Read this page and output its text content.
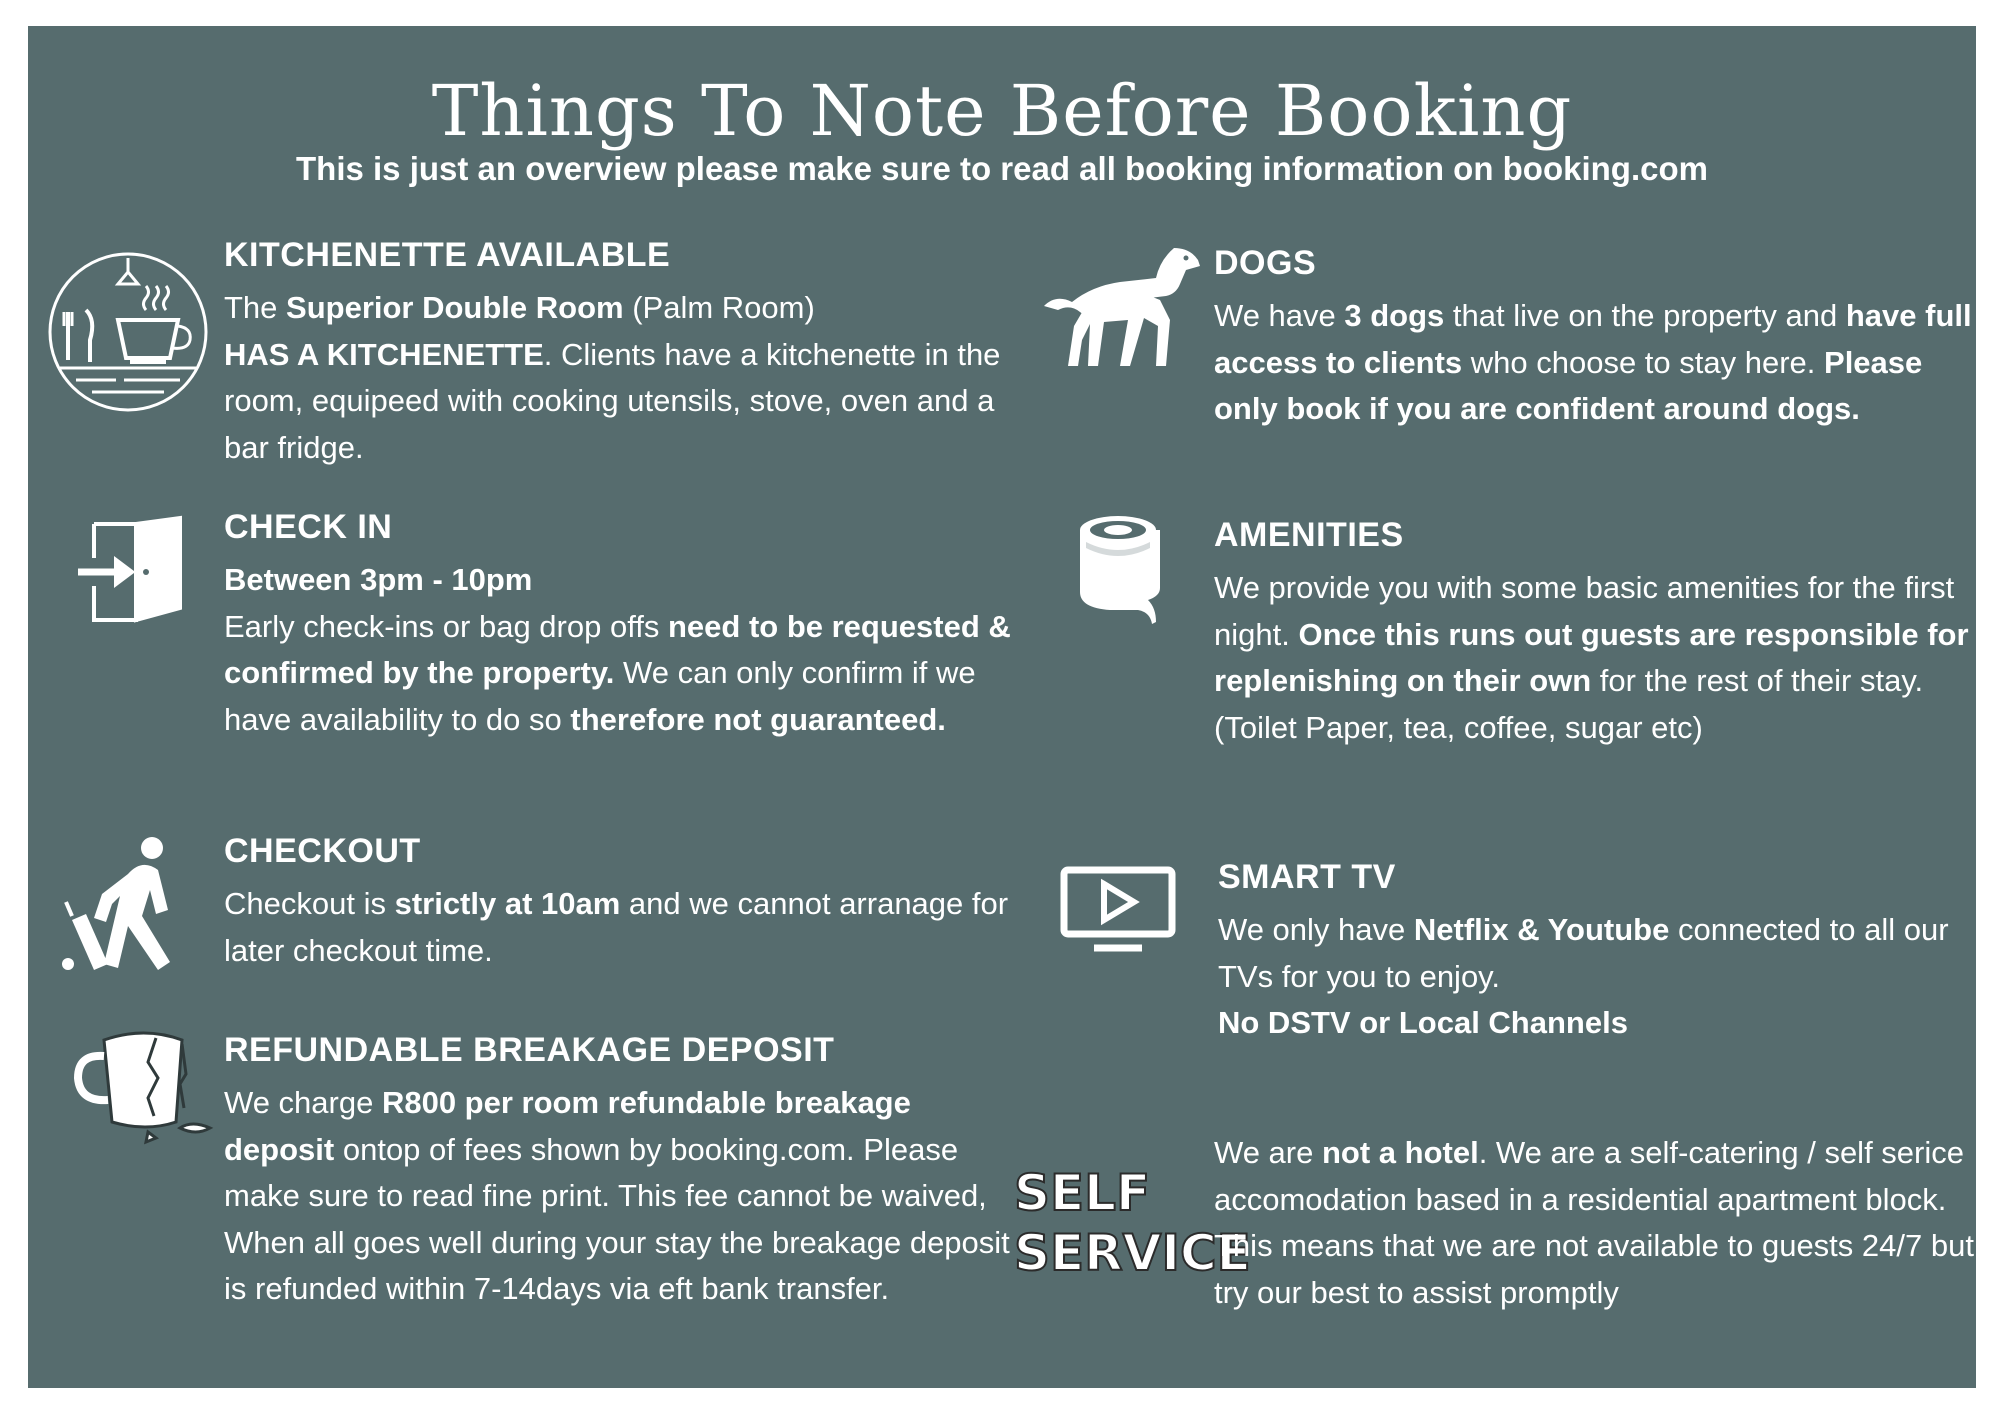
Things To Note Before Booking
This is just an overview please make sure to read all booking information on booking.com
KITCHENETTE AVAILABLE

The Superior Double Room (Palm Room)
HAS A KITCHENETTE. Clients have a kitchenette in the room, equipeed with cooking utensils, stove, oven and a bar fridge.

CHECK IN

Between 3pm - 10pm
Early check-ins or bag drop offs need to be requested & confirmed by the property. We can only confirm if we have availability to do so therefore not guaranteed.

CHECKOUT

Checkout is strictly at 10am and we cannot arranage for later checkout time.

REFUNDABLE BREAKAGE DEPOSIT

We charge R800 per room refundable breakage deposit ontop of fees shown by booking.com. Please make sure to read fine print. This fee cannot be waived, When all goes well during your stay the breakage deposit is refunded within 7-14days via eft bank transfer.

DOGS

We have 3 dogs that live on the property and have full access to clients who choose to stay here. Please only book if you are confident around dogs.

AMENITIES

We provide you with some basic amenities for the first night. Once this runs out guests are responsible for replenishing on their own for the rest of their stay.
(Toilet Paper, tea, coffee, sugar etc)

SMART TV

We only have Netflix & Youtube connected to all our TVs for you to enjoy.
No DSTV or Local Channels

SELF
SERVICE

We are not a hotel. We are a self-catering / self serice accomodation based in a residential apartment block. This means that we are not available to guests 24/7 but try our best to assist promptly
